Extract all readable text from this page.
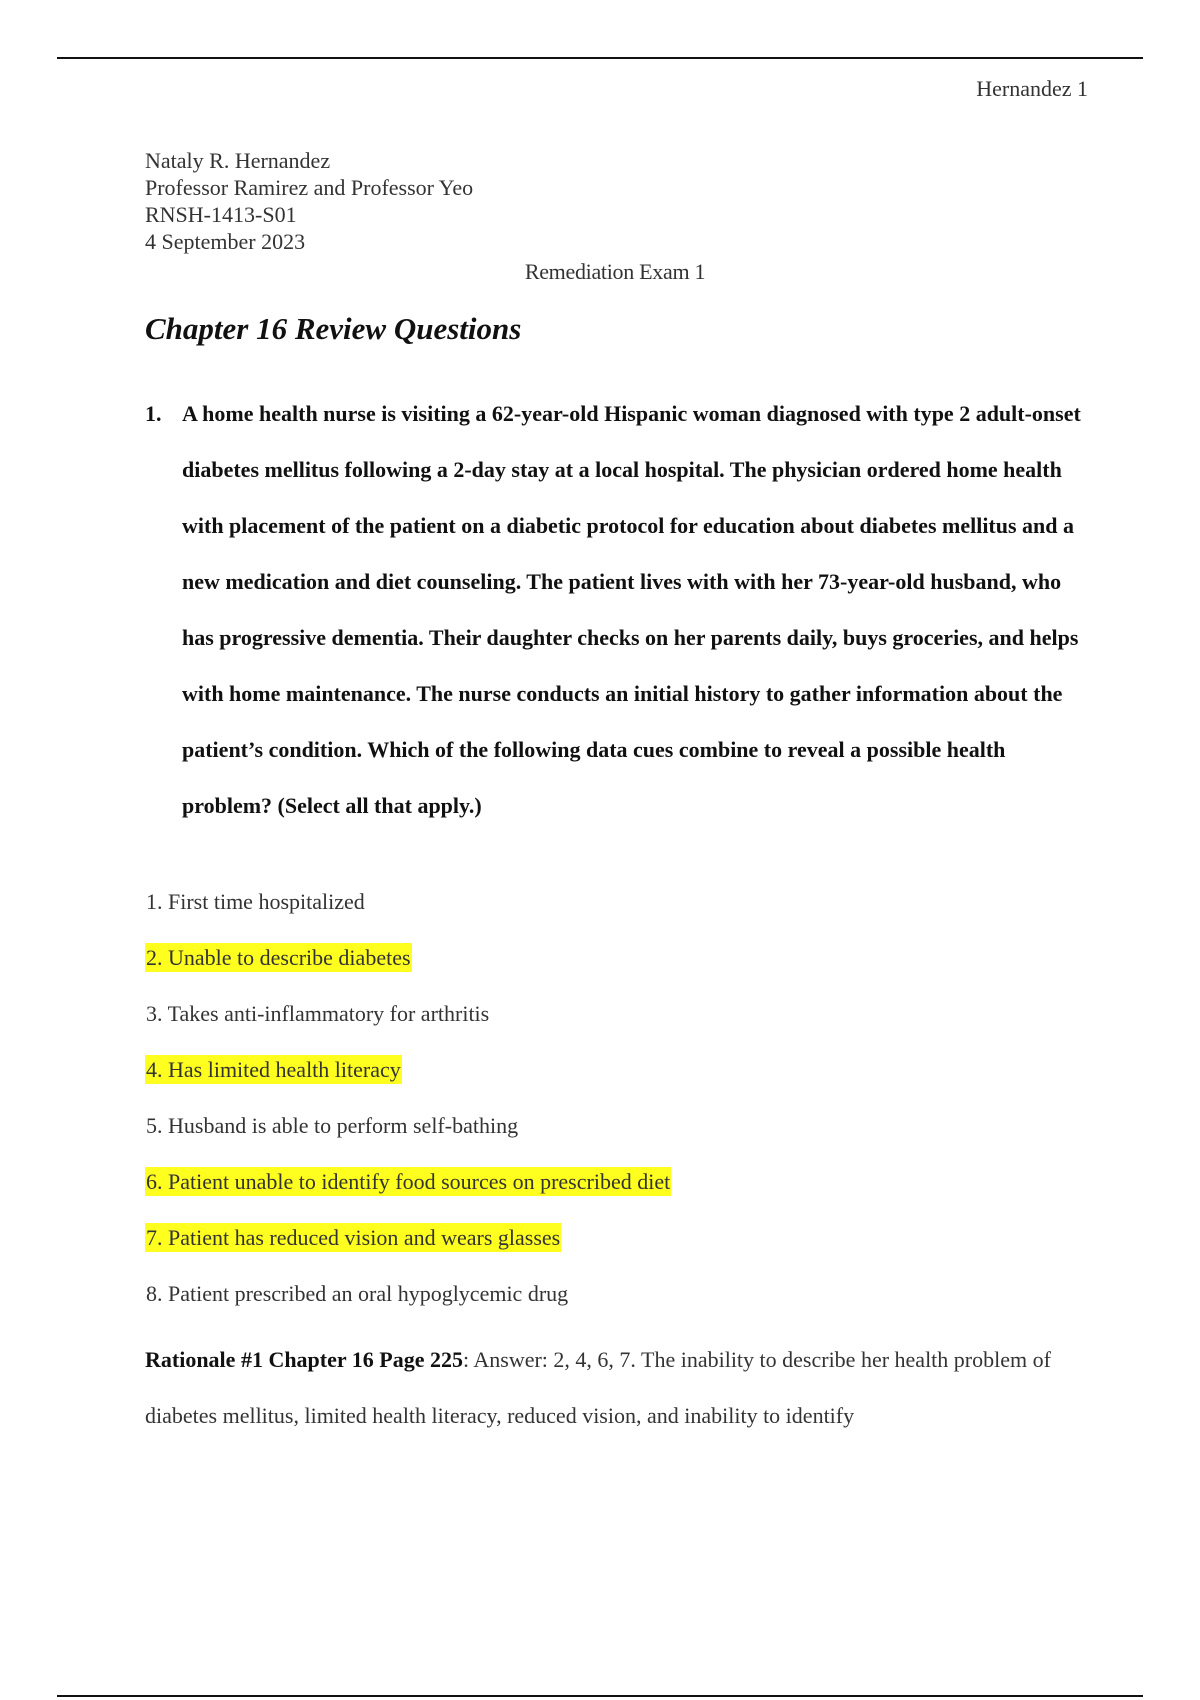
Hernandez 1
Nataly R. Hernandez
Professor Ramirez and Professor Yeo
RNSH-1413-S01
4 September 2023
Remediation Exam 1
Chapter 16 Review Questions
1. A home health nurse is visiting a 62-year-old Hispanic woman diagnosed with type 2 adult-onset diabetes mellitus following a 2-day stay at a local hospital. The physician ordered home health with placement of the patient on a diabetic protocol for education about diabetes mellitus and a new medication and diet counseling. The patient lives with with her 73-year-old husband, who has progressive dementia. Their daughter checks on her parents daily, buys groceries, and helps with home maintenance. The nurse conducts an initial history to gather information about the patient’s condition. Which of the following data cues combine to reveal a possible health problem? (Select all that apply.)
1. First time hospitalized
2. Unable to describe diabetes
3. Takes anti-inflammatory for arthritis
4. Has limited health literacy
5. Husband is able to perform self-bathing
6. Patient unable to identify food sources on prescribed diet
7. Patient has reduced vision and wears glasses
8. Patient prescribed an oral hypoglycemic drug

Rationale #1 Chapter 16 Page 225: Answer: 2, 4, 6, 7. The inability to describe her health problem of diabetes mellitus, limited health literacy, reduced vision, and inability to identify
